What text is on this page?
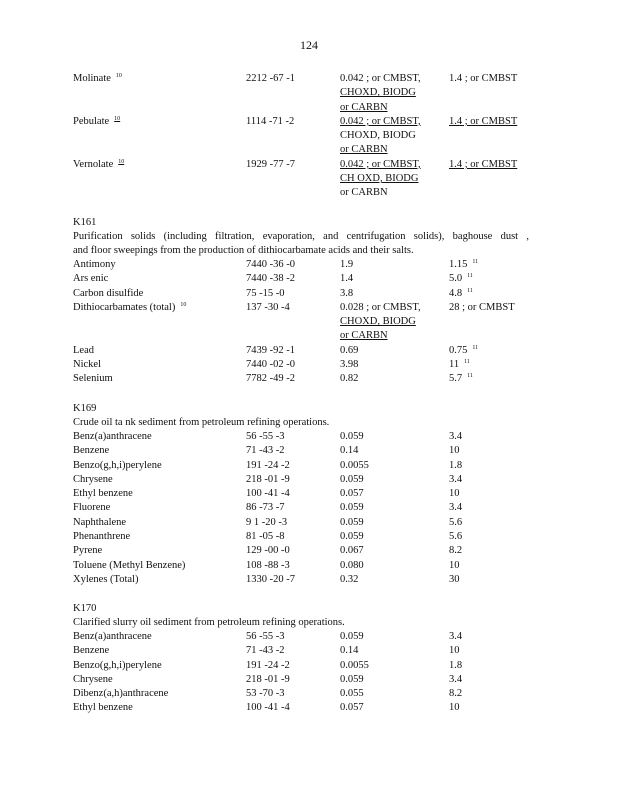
124
Molinate $^{10}$	2212 -67 -1	0.042 ; or CMBST,	1.4 ; or CMBST
CHOXD, BIODG
or CARBN
Pebulate $^{10}$	1114 -71 -2	0.042 ; or CMBST,	1.4 ; or CMBST
CHOXD, BIODG
or CARBN
Vernolate $^{10}$	1929 -77 -7	0.042 ; or CMBST,	1.4 ; or CMBST
CH OXD, BIODG
or CARBN
K161
Purification solids (including filtration, evaporation, and centrifugation solids), baghouse dust ,
and floor sweepings from the production of dithiocarbamate acids and their salts.
Antimony	7440 -36 -0	1.9	1.15 $^{11}$
Ars enic	7440 -38 -2	1.4	5.0 $^{11}$
Carbon disulfide	75 -15 -0	3.8	4.8 $^{11}$
Dithiocarbamates (total) $^{10}$	137 -30 -4	0.028 ; or CMBST,	28 ; or CMBST
CHOXD, BIODG
or CARBN
Lead	7439 -92 -1	0.69	0.75 $^{11}$
Nickel	7440 -02 -0	3.98	11 $^{11}$
Selenium	7782 -49 -2	0.82	5.7 $^{11}$
K169
Crude oil ta nk sediment from petroleum refining operations.
Benz(a)anthracene	56 -55 -3	0.059	3.4
Benzene	71 -43 -2	0.14	10
Benzo(g,h,i)perylene	191 -24 -2	0.0055	1.8
Chrysene	218 -01 -9	0.059	3.4
Ethyl benzene	100 -41 -4	0.057	10
Fluorene	86 -73 -7	0.059	3.4
Naphthalene	9 1 -20 -3	0.059	5.6
Phenanthrene	81 -05 -8	0.059	5.6
Pyrene	129 -00 -0	0.067	8.2
Toluene (Methyl Benzene)	108 -88 -3	0.080	10
Xylenes (Total)	1330 -20 -7	0.32	30
K170
Clarified slurry oil sediment from petroleum refining operations.
Benz(a)anthracene	56 -55 -3	0.059	3.4
Benzene	71 -43 -2	0.14	10
Benzo(g,h,i)perylene	191 -24 -2	0.0055	1.8
Chrysene	218 -01 -9	0.059	3.4
Dibenz(a,h)anthracene	53 -70 -3	0.055	8.2
Ethyl benzene	100 -41 -4	0.057	10
